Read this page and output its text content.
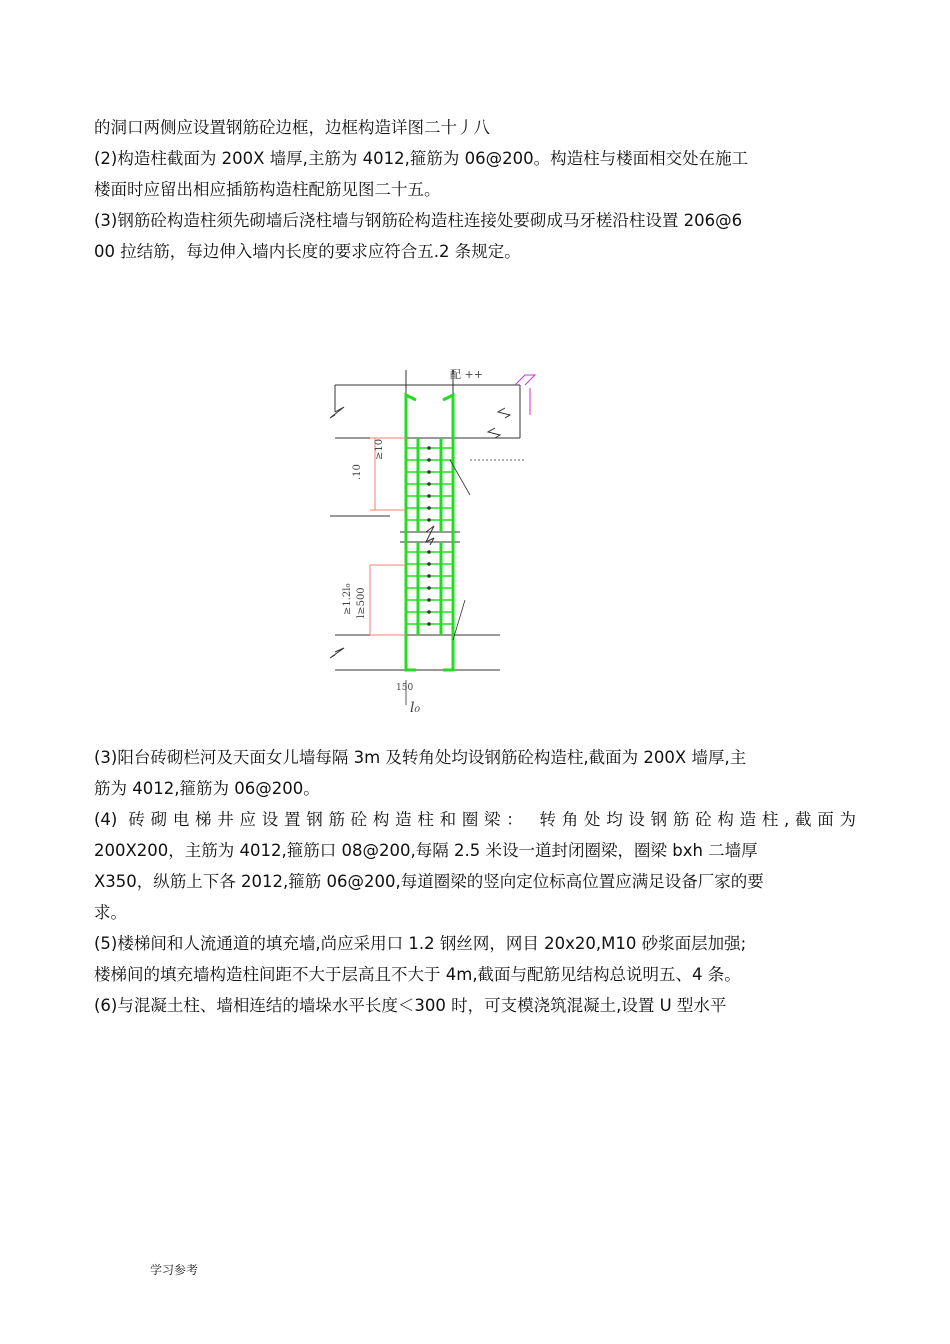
的洞口两侧应设置钢筋砼边框，边框构造详图二十丿八
(2)构造柱截面为 200X 墙厚,主筋为 4012,箍筋为 06@200。构造柱与楼面相交处在施工
楼面时应留出相应插筋构造柱配筋见图二十五。
(3)钢筋砼构造柱须先砌墙后浇柱墙与钢筋砼构造柱连接处要砌成马牙槎沿柱设置 206@6
00 拉结筋，每边伸入墙内长度的要求应符合五.2 条规定。
配 ++
≥10
.10
≥1.2l₀ l≥500
150
l₀
(3)阳台砖砌栏河及天面女儿墙每隔 3m 及转角处均设钢筋砼构造柱,截面为 200X 墙厚,主
筋为 4012,箍筋为 06@200。
(4) 砖砌电梯井应设置钢筋砼构造柱和圈梁： 转角处均设钢筋砼构造柱,截面为
200X200，主筋为 4012,箍筋口 08@200,每隔 2.5 米设一道封闭圈梁，圈梁 bxh 二墙厚
X350，纵筋上下各 2012,箍筋 06@200,每道圈梁的竖向定位标高位置应满足设备厂家的要
求。
(5)楼梯间和人流通道的填充墙,尚应采用口 1.2 钢丝网，网目 20x20,M10 砂浆面层加强;
楼梯间的填充墙构造柱间距不大于层高且不大于 4m,截面与配筋见结构总说明五、4 条。
(6)与混凝土柱、墙相连结的墙垛水平长度＜300 时，可支模浇筑混凝土,设置 U 型水平
学习参考
